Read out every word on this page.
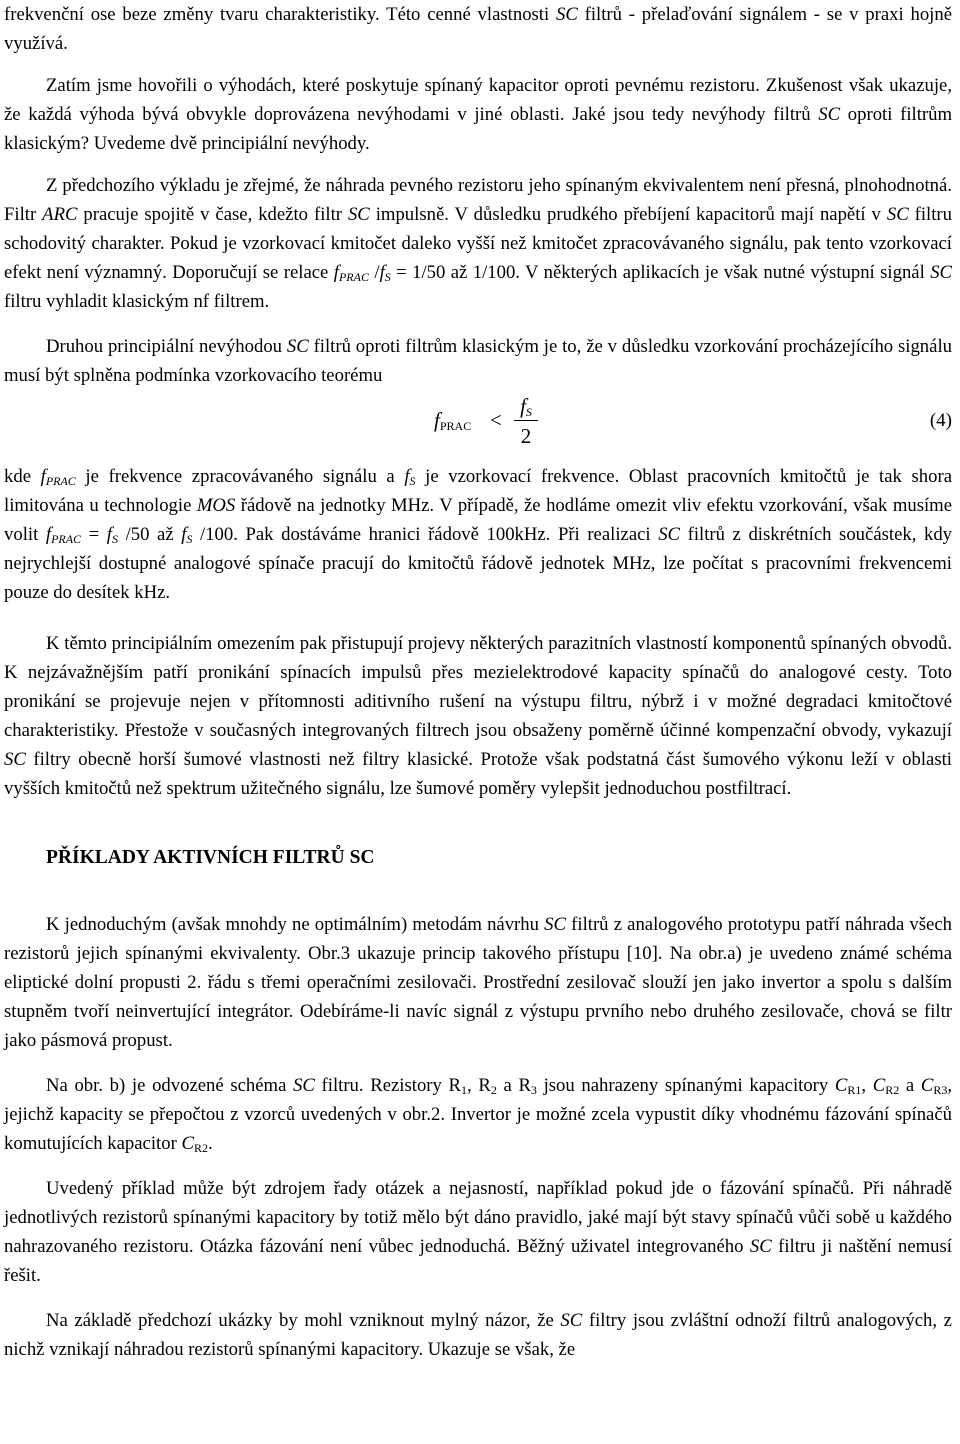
frekvenční ose beze změny tvaru charakteristiky. Této cenné vlastnosti SC filtrů - přelaďování signálem - se v praxi hojně využívá.

Zatím jsme hovořili o výhodách, které poskytuje spínaný kapacitor oproti pevnému rezistoru. Zkušenost však ukazuje, že každá výhoda bývá obvykle doprovázena nevýhodami v jiné oblasti. Jaké jsou tedy nevýhody filtrů SC oproti filtrům klasickým? Uvedeme dvě principiální nevýhody.

Z předchozího výkladu je zřejmé, že náhrada pevného rezistoru jeho spínaným ekvivalentem není přesná, plnohodnotná. Filtr ARC pracuje spojitě v čase, kdežto filtr SC impulsně. V důsledku prudkého přebíjení kapacitorů mají napětí v SC filtru schodovitý charakter. Pokud je vzorkovací kmitočet daleko vyšší než kmitočet zpracovávaného signálu, pak tento vzorkovací efekt není významný. Doporučují se relace $f_{PRAC}$ $/f_S = 1/50$ až 1/100. V některých aplikacích je však nutné výstupní signál SC filtru vyhladit klasickým nf filtrem.

Druhou principiální nevýhodou SC filtrů oproti filtrům klasickým je to, že v důsledku vzorkování procházejícího signálu musí být splněna podmínka vzorkovacího teorému

$f_{PRAC}$ <
$f_S$
2
(4)

kde $f_{PRAC}$ je frekvence zpracovávaného signálu a $f_S$ je vzorkovací frekvence. Oblast pracovních kmitočtů je tak shora limitována u technologie MOS řádově na jednotky MHz. V případě, že hodláme omezit vliv efektu vzorkování, však musíme volit $f_{PRAC} = f_S$ /50 až $f_S$ /100. Pak dostáváme hranici řádově 100kHz. Při realizaci SC filtrů z diskrétních součástek, kdy nejrychlejší dostupné analogové spínače pracují do kmitočtů řádově jednotek MHz, lze počítat s pracovními frekvencemi pouze do desítek kHz.

K těmto principiálním omezením pak přistupují projevy některých parazitních vlastností komponentů spínaných obvodů. K nejzávažnějším patří pronikání spínacích impulsů přes mezielektrodové kapacity spínačů do analogové cesty. Toto pronikání se projevuje nejen v přítomnosti aditivního rušení na výstupu filtru, nýbrž i v možné degradaci kmitočtové charakteristiky. Přestože v současných integrovaných filtrech jsou obsaženy poměrně účinné kompenzační obvody, vykazují SC filtry obecně horší šumové vlastnosti než filtry klasické. Protože však podstatná část šumového výkonu leží v oblasti vyšších kmitočtů než spektrum užitečného signálu, lze šumové poměry vylepšit jednoduchou postfiltrací.

PŘÍKLADY AKTIVNÍCH FILTRŮ SC

K jednoduchým (avšak mnohdy ne optimálním) metodám návrhu SC filtrů z analogového prototypu patří náhrada všech rezistorů jejich spínanými ekvivalenty. Obr.3 ukazuje princip takového přístupu [10]. Na obr.a) je uvedeno známé schéma eliptické dolní propusti 2. řádu s třemi operačními zesilovači. Prostřední zesilovač slouží jen jako invertor a spolu s dalším stupněm tvoří neinvertující integrátor. Odebíráme-li navíc signál z výstupu prvního nebo druhého zesilovače, chová se filtr jako pásmová propust.

Na obr. b) je odvozené schéma SC filtru. Rezistory $R_1$, $R_2$ a $R_3$ jsou nahrazeny spínanými kapacitory $C_{R1}$, $C_{R2}$ a $C_{R3}$, jejichž kapacity se přepočtou z vzorců uvedených v obr.2. Invertor je možné zcela vypustit díky vhodnému fázování spínačů komutujících kapacitor $C_{R2}$.

Uvedený příklad může být zdrojem řady otázek a nejasností, například pokud jde o fázování spínačů. Při náhradě jednotlivých rezistorů spínanými kapacitory by totiž mělo být dáno pravidlo, jaké mají být stavy spínačů vůči sobě u každého nahrazovaného rezistoru. Otázka fázování není vůbec jednoduchá. Běžný uživatel integrovaného SC filtru ji naštění nemusí řešit.

Na základě předchozí ukázky by mohl vzniknout mylný názor, že SC filtry jsou zvláštní odnoží filtrů analogových, z nichž vznikají náhradou rezistorů spínanými kapacitory. Ukazuje se však, že
